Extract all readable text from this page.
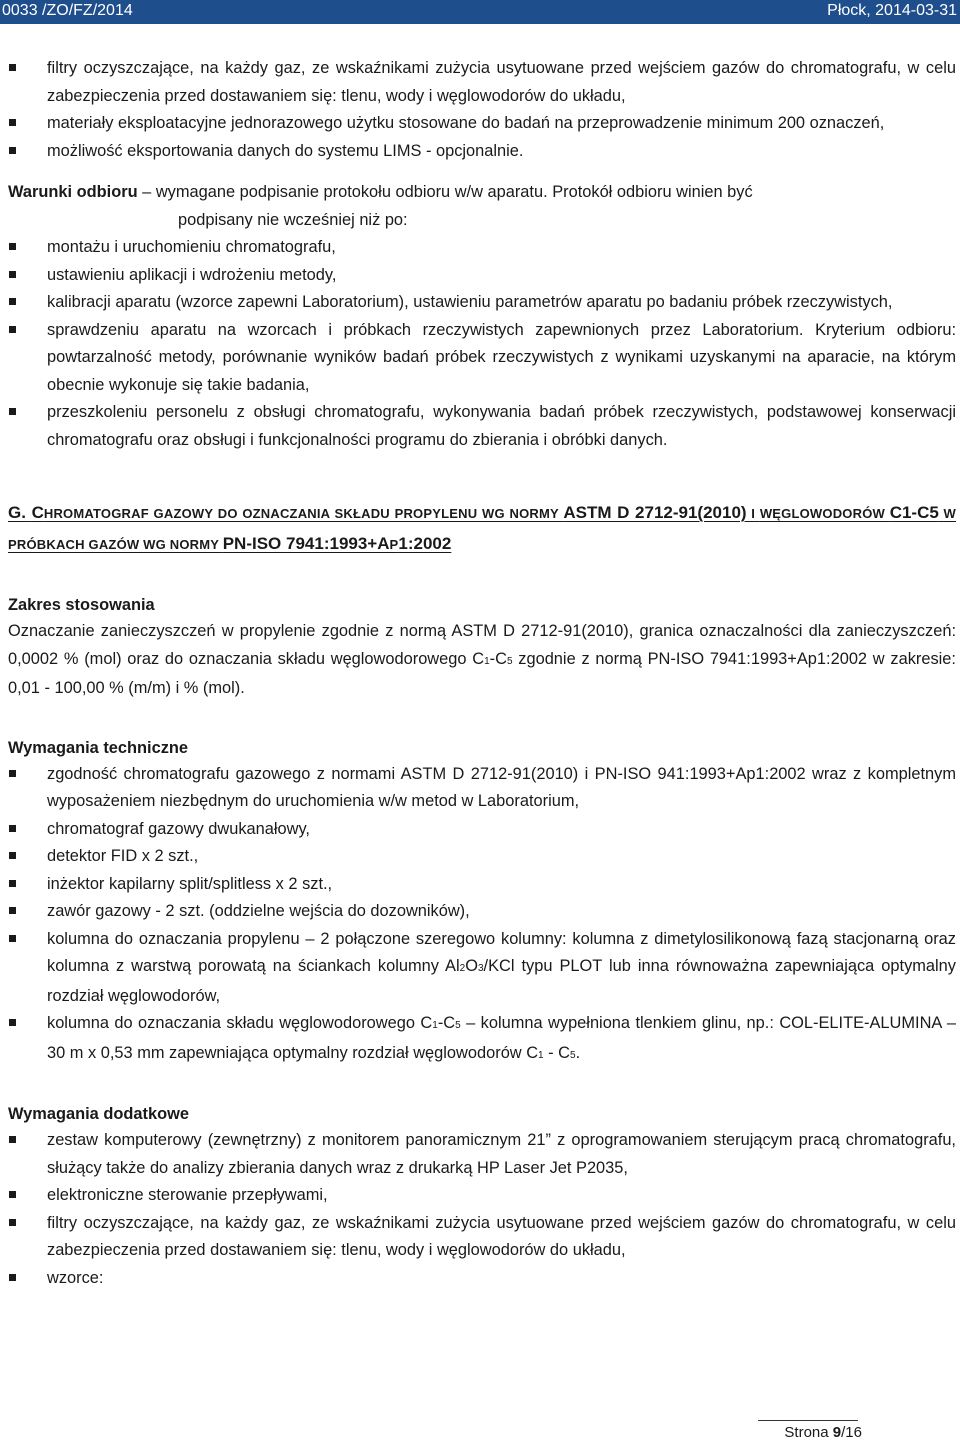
0033 /ZO/FZ/2014	Płock, 2014-03-31
filtry oczyszczające, na każdy gaz, ze wskaźnikami zużycia usytuowane przed wejściem gazów do chromatografu, w celu zabezpieczenia przed dostawaniem się: tlenu, wody i węglowodorów do układu,
materiały eksploatacyjne jednorazowego użytku stosowane do badań na przeprowadzenie minimum 200 oznaczeń,
możliwość eksportowania danych do systemu LIMS - opcjonalnie.

Warunki odbioru – wymagane podpisanie protokołu odbioru w/w aparatu. Protokół odbioru winien być
podpisany nie wcześniej niż po:

montażu i uruchomieniu chromatografu,
ustawieniu aplikacji i wdrożeniu metody,
kalibracji aparatu (wzorce zapewni Laboratorium), ustawieniu parametrów aparatu po badaniu próbek rzeczywistych,
sprawdzeniu aparatu na wzorcach i próbkach rzeczywistych zapewnionych przez Laboratorium. Kryterium odbioru: powtarzalność metody, porównanie wyników badań próbek rzeczywistych z wynikami uzyskanymi na aparacie, na którym obecnie wykonuje się takie badania,
przeszkoleniu personelu z obsługi chromatografu, wykonywania badań próbek rzeczywistych, podstawowej konserwacji chromatografu oraz obsługi i funkcjonalności programu do zbierania i obróbki danych.
G. CHROMATOGRAF GAZOWY DO OZNACZANIA SKŁADU PROPYLENU WG NORMY ASTM D 2712-91(2010) I WĘGLOWODORÓW C1-C5 W PRÓBKACH GAZÓW WG NORMY PN-ISO 7941:1993+AP1:2002
Zakres stosowania

Oznaczanie zanieczyszczeń w propylenie zgodnie z normą ASTM D 2712-91(2010), granica oznaczalności dla zanieczyszczeń: 0,0002 % (mol) oraz do oznaczania składu węglowodorowego C1-C5 zgodnie z normą PN-ISO 7941:1993+Ap1:2002 w zakresie: 0,01 - 100,00 % (m/m) i % (mol).

Wymagania techniczne
zgodność chromatografu gazowego z normami ASTM D 2712-91(2010) i PN-ISO 941:1993+Ap1:2002 wraz z kompletnym wyposażeniem niezbędnym do uruchomienia w/w metod w Laboratorium,
chromatograf gazowy dwukanałowy,
detektor FID x 2 szt.,
inżektor kapilarny split/splitless x 2 szt.,
zawór gazowy - 2 szt. (oddzielne wejścia do dozowników),
kolumna do oznaczania propylenu – 2 połączone szeregowo kolumny: kolumna z dimetylosilikonową fazą stacjonarną oraz kolumna z warstwą porowatą na ściankach kolumny Al2O3/KCl typu PLOT lub inna równoważna zapewniająca optymalny rozdział węglowodorów,
kolumna do oznaczania składu węglowodorowego C1-C5 – kolumna wypełniona tlenkiem glinu, np.: COL-ELITE-ALUMINA – 30 m x 0,53 mm zapewniająca optymalny rozdział węglowodorów C1 - C5.
Wymagania dodatkowe
zestaw komputerowy (zewnętrzny) z monitorem panoramicznym 21” z oprogramowaniem sterującym pracą chromatografu, służący także do analizy zbierania danych wraz z drukarką HP Laser Jet P2035,
elektroniczne sterowanie przepływami,
filtry oczyszczające, na każdy gaz, ze wskaźnikami zużycia usytuowane przed wejściem gazów do chromatografu, w celu zabezpieczenia przed dostawaniem się: tlenu, wody i węglowodorów do układu,
wzorce:
Strona 9/16
